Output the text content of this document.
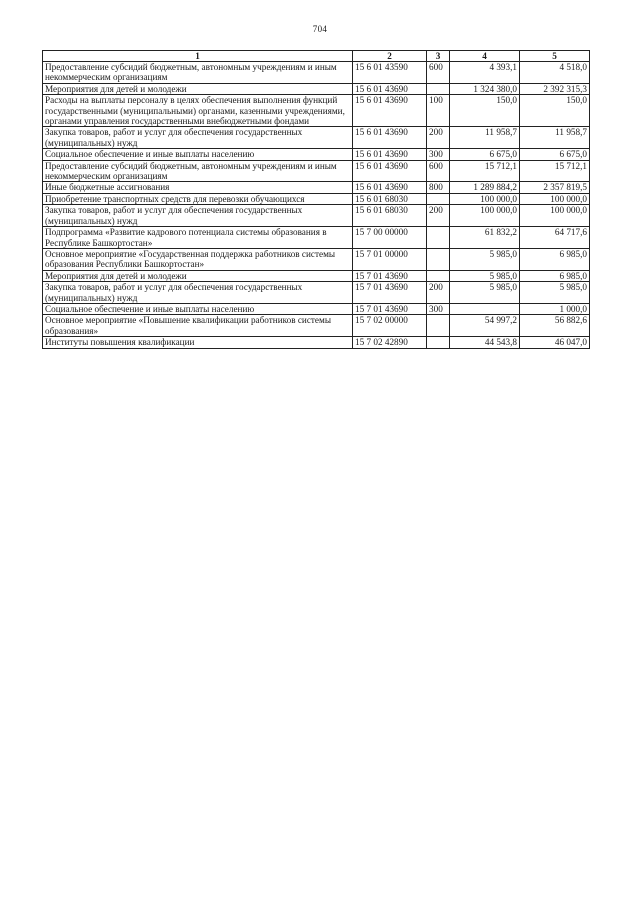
704
1	2	3	4	5
Предоставление субсидий бюджетным, автономным учреждениям и иным некоммерческим организациям	15 6 01 43590	600	4 393,1	4 518,0
Мероприятия для детей и молодежи	15 6 01 43690		1 324 380,0	2 392 315,3
Расходы на выплаты персоналу в целях обеспечения выполнения функций государственными (муниципальными) органами, казенными учреждениями, органами управления государственными внебюджетными фондами	15 6 01 43690	100	150,0	150,0
Закупка товаров, работ и услуг для обеспечения государственных (муниципальных) нужд	15 6 01 43690	200	11 958,7	11 958,7
Социальное обеспечение и иные выплаты населению	15 6 01 43690	300	6 675,0	6 675,0
Предоставление субсидий бюджетным, автономным учреждениям и иным некоммерческим организациям	15 6 01 43690	600	15 712,1	15 712,1
Иные бюджетные ассигнования	15 6 01 43690	800	1 289 884,2	2 357 819,5
Приобретение транспортных средств для перевозки обучающихся	15 6 01 68030		100 000,0	100 000,0
Закупка товаров, работ и услуг для обеспечения государственных (муниципальных) нужд	15 6 01 68030	200	100 000,0	100 000,0
Подпрограмма «Развитие кадрового потенциала системы образования в Республике Башкортостан»	15 7 00 00000		61 832,2	64 717,6
Основное мероприятие «Государственная поддержка работников системы образования Республики Башкортостан»	15 7 01 00000		5 985,0	6 985,0
Мероприятия для детей и молодежи	15 7 01 43690		5 985,0	6 985,0
Закупка товаров, работ и услуг для обеспечения государственных (муниципальных) нужд	15 7 01 43690	200	5 985,0	5 985,0
Социальное обеспечение и иные выплаты населению	15 7 01 43690	300		1 000,0
Основное мероприятие «Повышение квалификации работников системы образования»	15 7 02 00000		54 997,2	56 882,6
Институты повышения квалификации	15 7 02 42890		44 543,8	46 047,0
